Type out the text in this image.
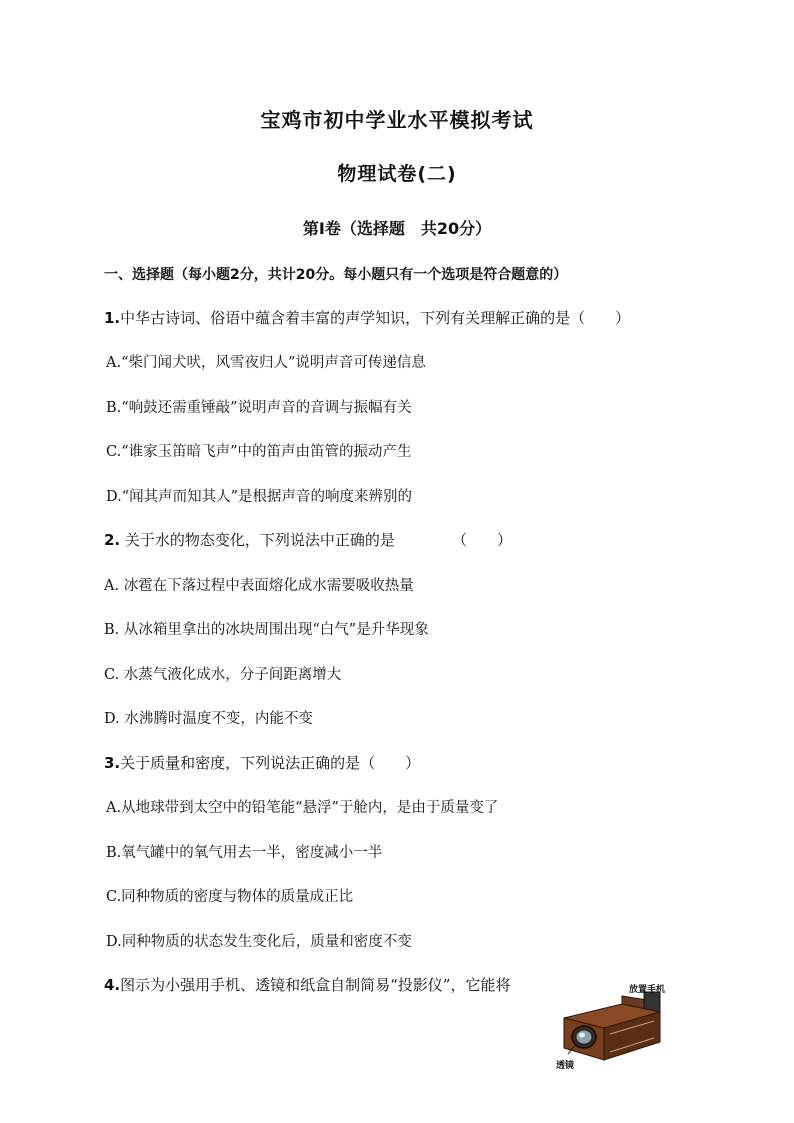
宝鸡市初中学业水平模拟考试
物理试卷(二)
第Ⅰ卷（选择题　共20分）
一、选择题（每小题2分，共计20分。每小题只有一个选项是符合题意的）
1.中华古诗词、俗语中蕴含着丰富的声学知识，下列有关理解正确的是（　　）
A.“柴门闻犬吠，风雪夜归人”说明声音可传递信息
B.“响鼓还需重锤敲”说明声音的音调与振幅有关
C.“谁家玉笛暗飞声”中的笛声由笛管的振动产生
D.“闻其声而知其人”是根据声音的响度来辨别的
2. 关于水的物态变化，下列说法中正确的是	（　　）
A. 冰雹在下落过程中表面熔化成水需要吸收热量
B. 从冰箱里拿出的冰块周围出现“白气”是升华现象
C. 水蒸气液化成水，分子间距离增大
D. 水沸腾时温度不变，内能不变
3.关于质量和密度，下列说法正确的是（　　）
A.从地球带到太空中的铅笔能“悬浮”于舱内，是由于质量变了
B.氧气罐中的氧气用去一半，密度减小一半
C.同种物质的密度与物体的质量成正比
D.同种物质的状态发生变化后，质量和密度不变
4.图示为小强用手机、透镜和纸盒自制简易“投影仪”，它能将	放置手机
透镜
